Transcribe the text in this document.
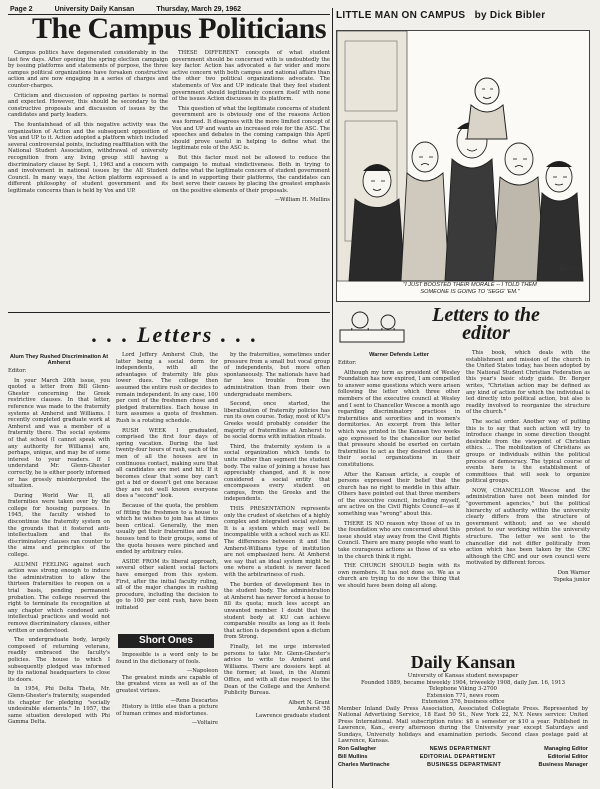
Page 2	University Daily Kansan	Thursday, March 29, 1962
The Campus Politicians

Campus politics have degenerated considerably in the last few days. After opening the spring election campaign by issuing platforms and statements of purpose, the three campus political organizations have forsaken constructive action and are now engaging in a series of charges and counter-charges.

Criticism and discussion of opposing parties is normal and expected. However, this should be secondary to the constructive proposals and discussion of issues by the candidates and party leaders.

The fountainhead of all this negative activity was the organization of Action and the subsequent opposition of Vox and UP to it. Action adopted a platform which included several controversial points, including reaffiliation with the National Student Association, withdrawal of university recognition from any living group still having a discriminatory clause by Sept. 1, 1963 and a concern with and involvement in national issues by the All Student Council. In many ways, the Action platform expressed a different philosophy of student government and its legitimate concerns than is held by Vox and UP.

THESE DIFFERENT concepts of what student government should be concerned with is undoubtedly the key factor. Action has advocated a far wider and more active concern with both campus and national affairs than the other two political organizations advocate. The statements of Vox and UP indicate that they feel student government should legitimately concern itself with none of the issues Action discusses in its platform.

This question of what the legitimate concerns of student government are is obviously one of the reasons Action was formed. It disagrees with the more limited concept of Vox and UP and wants an increased role for the ASC. The speeches and debates in the coming campaign this April should prove useful in helping to define what the legitimate role of the ASC is.

But this factor must not be allowed to reduce the campaign to mutual vindictiveness. Both in trying to define what the legitimate concern of student government is and in supporting their platforms, the candidates can best serve their causes by placing the greatest emphasis on the positive elements of their proposals.

—William H. Mullins
LITTLE MAN ON CAMPUS by Dick Bibler
Bibler
"I JUST BOOSTED THEIR MORALE -- I TOLD THEM
SOMEONE IS GOING TO 'SEGG' 'EM."
. . . Letters . . .
Alum They Rushed Discrimination At Amherst

Editor:

In your March 20th issue, you quoted a letter from Bill Glenn-Ghester concerning the Greek restrictive clauses. In that letter, reference was made to the fraternity systems at Amherst and Williams. I recently completed graduate work at Amherst and was a member of a fraternity there. The social systems of that school (I cannot speak with any authority for Williams) are, perhaps, unique, and may be of some interest to your readers. If I understand Mr. Glenn-Ghester correctly, he is either poorly informed or has grossly misinterpreted the situation.

During World War II, all fraternities were taken over by the college for housing purposes. In 1945, the faculty wished to discontinue the fraternity system on the grounds that it fostered anti-intellectualism and that its discriminatory clauses ran counter to the aims and principles of the college.

ALUMNI FEELING against such action was strong enough to induce the administration to allow the thirteen fraternities to reopen on a trial basis, pending permanent probation. The college reserved the right to terminate its recognition at any chapter which condoned anti-intellectual practices and would not remove discriminatory clauses, either written or understood.

The undergraduate body, largely composed of returning veterans, readily embraced the faculty's policies. The house to which I subsequently pledged was informed by its national headquarters to close its doors.

In 1954, Phi Delta Theta, Mr. Glenn-Ghester's fraternity, suspended its chapter for pledging "socially undesirable elements." In 1957, the same situation developed with Phi Gamma Delta.

Lord Jeffery Amherst Club, the latter being a social dorm for independents, with all the advantages of fraternity life plus lower dues. The college then assumed the entire rush or decides to remain independent. In any case, 100 per cent of the freshmen chose and pledged fraternities. Each house in turn assumes a quota of freshmen. Rush is a rotating schedule.

RUSH WEEK I graduated, comprised the first four days of spring vacation. During the last twenty-four hours of rush, each of the men of all the houses are in continuous contact, making sure that all candidates are met and hit. If it becomes clear that some boy can't get a bid or doesn't get one because they are not well known everyone does a "second" look.

Because of the quota, the problem of fitting the freshmen to a house to which he wishes to join has at times been critical. Generally, the men usually get their fraternities and the houses tend to their groups, some of the quota houses were pinched and ended by arbitrary rules.

ASIDE FROM its liberal approach, several other salient social factors have emerged from this system. First, after the initial faculty ruling, all of the major changes in rushing procedure, including the decision to go to 100 per cent rush, have been initiated

Short Ones

Impossible is a word only to be found in the dictionary of fools.

—Napoleon

The greatest minds are capable of the greatest vices as well as of the greatest virtues.

—Rene Descartes

History is little else than a picture of human crimes and misfortunes.

—Voltaire

by the fraternities, sometimes under pressure from a small but vocal group of independents, but more often spontaneously. The nationals have had far less trouble from the administration than from their own undergraduate members.

Second, once started, the liberalization of fraternity policies has run its own course. Today, most of KU's Greeks would probably consider the majority of fraternities at Amherst to be social dorms with initiation rituals.

Third, the fraternity system is a social organization which tends to unite rather than segment the student body. The value of joining a house has appreciably changed, and it is now considered a social entity that encompasses every student on campus, from the Greeks and the independents.

THIS PRESENTATION represents only the crudest of sketches of a highly complex and integrated social system. It is a system which may well be incompatible with a school such as KU. The differences between it and the Amherst-Williams type of institution are not emphasized here. At Amherst we say that an ideal system might be one where a student is never faced with the arbitrariness of rush.

The burden of development lies in the student body. The administration at Amherst has never forced a house to fill its quota; much less accept an unwanted member. I doubt that the student body at KU can achieve comparable results as long as it feels that action is dependent upon a dictum from Strong.

Finally, let me urge interested persons to take Mr. Glenn-Ghester's advice to write to Amherst and Williams. There are dossiers kept at the former, at least, in the Alumni Office, and with all due respect to the Dean of the College and the Amherst Publicity Bureau.

Albert N. Grant
Amherst '58
Lawrence graduate student
Letters to the editor
Warner Defends Letter

Editor:

Although my term as president of Wesley Foundation has now expired, I am compelled to answer some questions which were arisen following the letter which three other members of the executive council at Wesley and I sent to Chancellor Wescoe a month ago regarding discriminatory practices in fraternities and sororities and in women's dormitories. An excerpt from this letter which was printed in the Kansan two weeks ago expressed to the chancellor our belief that pressure should be exerted on certain fraternities to act as they desired clauses of their social organizations in their constitutions.

After the Kansan article, a couple of persons expressed their belief that the church has no right to meddle in this affair. Others have pointed out that three members of the executive council, including myself, are active on the Civil Rights Council—as if something was "wrong" about this.

THERE IS NO reason why those of us in the foundation who are concerned about this issue should stay away from the Civil Rights Council. There are many people who want to take courageous actions as those of us who in the church think it right.

THE CHURCH SHOULD begin with its own members. It has not done so. We as a church are trying to do now the thing that we should have been doing all along.

This book, which deals with the establishment and mission of the church in the United States today, has been adopted by the National Student Christian Federation as this year's basic study guide. Dr. Berger writes, "Christian action may be defined as any kind of action for which the individual is led directly into political action, but also is readily involved to reorganize the structure of the church."

The social order. Another way of putting this is to say that such action will try to introduce change in some direction thought desirable from the viewpoint of Christian ethics. ... The mobilization of Christians as groups or individuals within the political process of democracy. The typical course of events here is the establishment of committees that will seek to organize political groups.

NOW, CHANCELLOR Wescoe and the administration have not been minded for "government agencies," but the political hierarchy of authority within the university clearly differs from the structure of government without; and so we should protest to our working within the university structure. The letter we sent to the chancellor did not differ politically from action which has been taken by the CRC although the CRC and our own council were motivated by different forces.

Don Warner
Topeka junior
Daily Kansan
University of Kansas student newspaper
Founded 1889, became biweekly 1904, triweekly 1908, daily Jan. 16, 1913
Telephone Viking 3-2700
Extension 771, news room
Extension 376, business office
Member Inland Daily Press Association, Associated Collegiate Press. Represented by National Advertising Service, 18 East 50 St., New York 22, N.Y. News service: United Press International. Mail subscription rates: $8 a semester or $10 a year. Published in Lawrence, Kan., every afternoon during the University year except Saturdays and Sundays, University holidays and examination periods. Second class postage paid at Lawrence, Kansas.
Ron Gallagher	NEWS DEPARTMENT	Managing Editor
Bill Mullins	EDITORIAL DEPARTMENT	Editorial Editor
Charles Martinache	BUSINESS DEPARTMENT	Business Manager
